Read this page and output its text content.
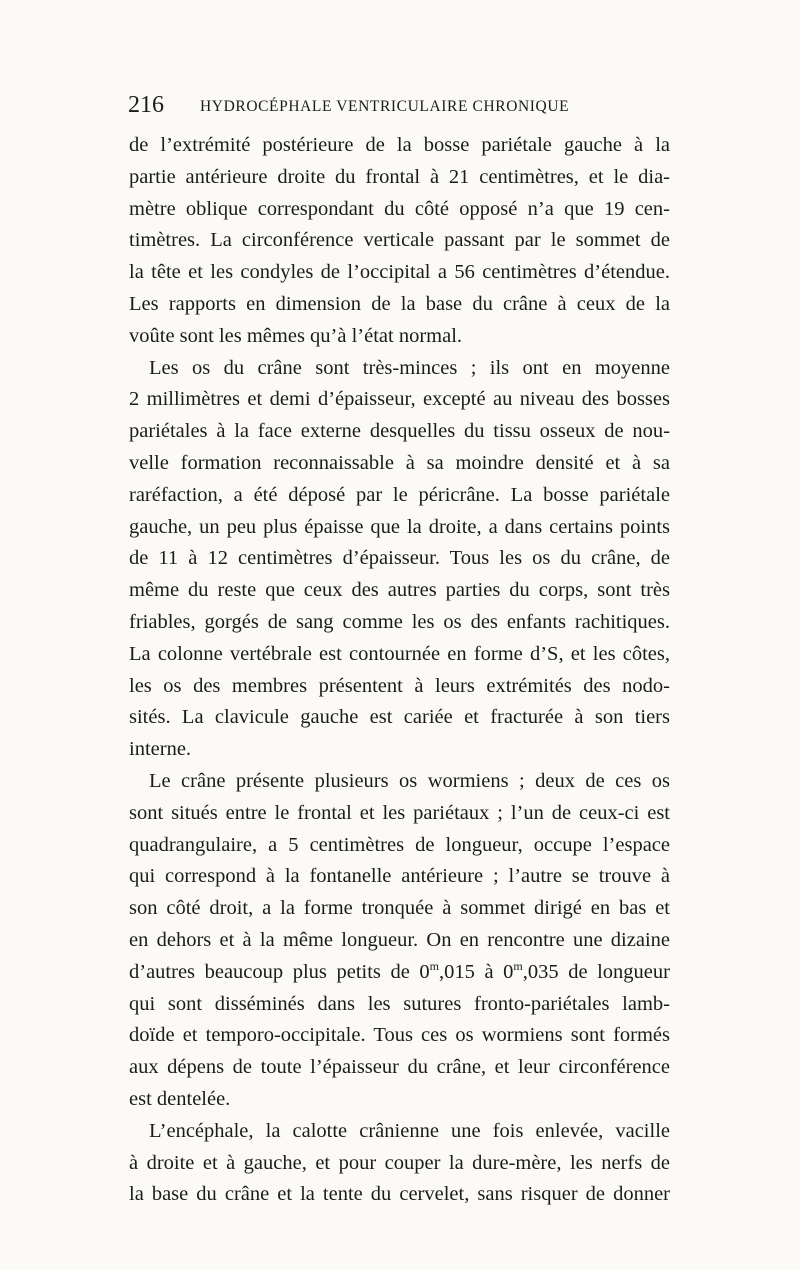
216 HYDROCÉPHALE VENTRICULAIRE CHRONIQUE
de l’extrémité postérieure de la bosse pariétale gauche à la
partie antérieure droite du frontal à 21 centimètres, et le dia-
mètre oblique correspondant du côté opposé n’a que 19 cen-
timètres. La circonférence verticale passant par le sommet de
la tête et les condyles de l’occipital a 56 centimètres d’étendue.
Les rapports en dimension de la base du crâne à ceux de la
voûte sont les mêmes qu’à l’état normal.
Les os du crâne sont très-minces ; ils ont en moyenne
2 millimètres et demi d’épaisseur, excepté au niveau des bosses
pariétales à la face externe desquelles du tissu osseux de nou-
velle formation reconnaissable à sa moindre densité et à sa
raréfaction, a été déposé par le péricrâne. La bosse pariétale
gauche, un peu plus épaisse que la droite, a dans certains points
de 11 à 12 centimètres d’épaisseur. Tous les os du crâne, de
même du reste que ceux des autres parties du corps, sont très
friables, gorgés de sang comme les os des enfants rachitiques.
La colonne vertébrale est contournée en forme d’S, et les côtes,
les os des membres présentent à leurs extrémités des nodo-
sités. La clavicule gauche est cariée et fracturée à son tiers
interne.
Le crâne présente plusieurs os wormiens ; deux de ces os
sont situés entre le frontal et les pariétaux ; l’un de ceux-ci est
quadrangulaire, a 5 centimètres de longueur, occupe l’espace
qui correspond à la fontanelle antérieure ; l’autre se trouve à
son côté droit, a la forme tronquée à sommet dirigé en bas et
en dehors et à la même longueur. On en rencontre une dizaine
d’autres beaucoup plus petits de 0$^m$,015 à 0$^m$,035 de longueur
qui sont disséminés dans les sutures fronto-pariétales lamb-
doïde et temporo-occipitale. Tous ces os wormiens sont formés
aux dépens de toute l’épaisseur du crâne, et leur circonférence
est dentelée.
L’encéphale, la calotte crânienne une fois enlevée, vacille
à droite et à gauche, et pour couper la dure-mère, les nerfs de
la base du crâne et la tente du cervelet, sans risquer de donner
